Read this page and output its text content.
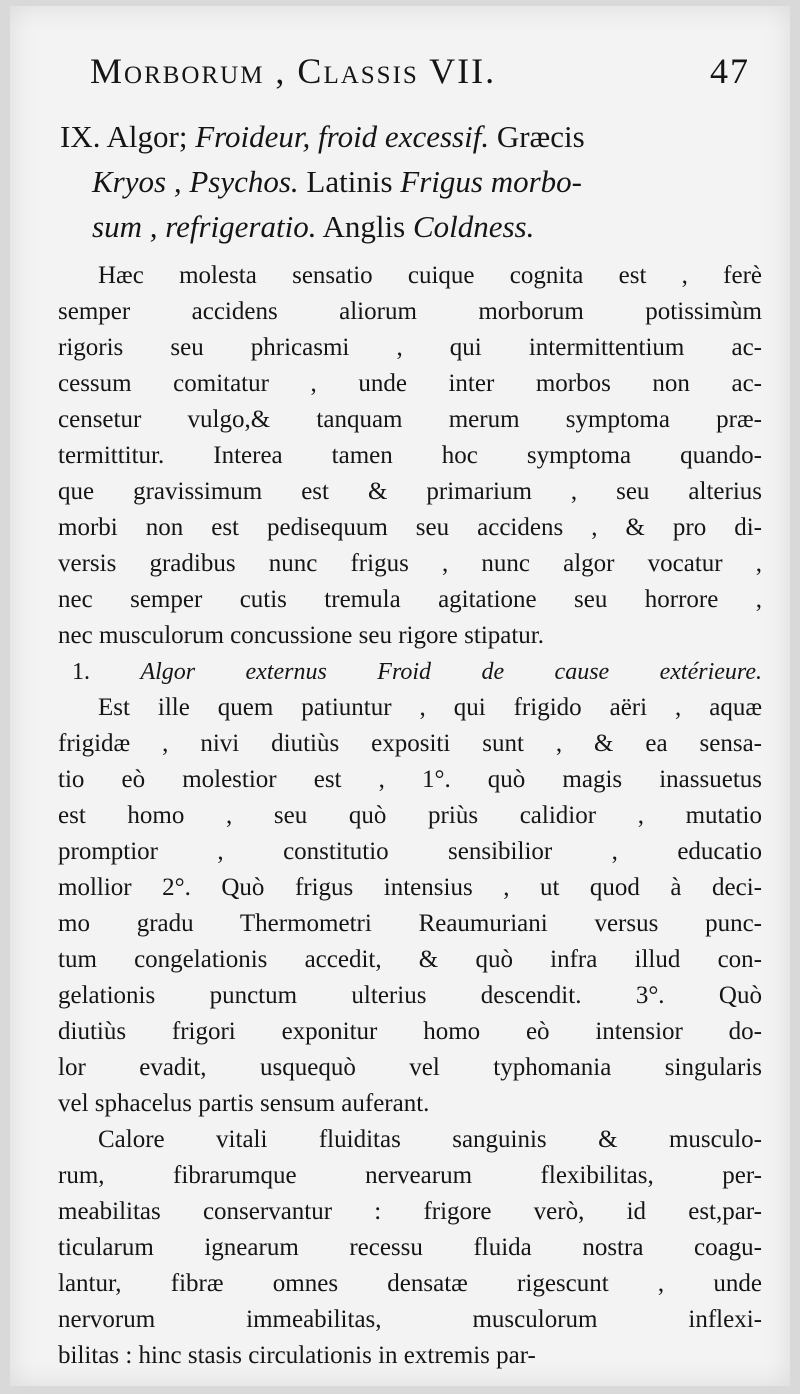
Morborum , Classis VII.	47
IX. Algor; Froideur, froid excessif. Græcis
Kryos , Psychos. Latinis Frigus morbo-
sum , refrigeratio. Anglis Coldness.
Hæc molesta sensatio cuique cognita est , ferè
semper accidens aliorum morborum potissimùm
rigoris seu phricasmi , qui intermittentium ac-
cessum comitatur , unde inter morbos non ac-
censetur vulgo,& tanquam merum symptoma præ-
termittitur. Interea tamen hoc symptoma quando-
que gravissimum est & primarium , seu alterius
morbi non est pedisequum seu accidens , & pro di-
versis gradibus nunc frigus , nunc algor vocatur ,
nec semper cutis tremula agitatione seu horrore ,
nec musculorum concussione seu rigore stipatur.
1. Algor externus Froid de cause extérieure.
Est ille quem patiuntur , qui frigido aëri , aquæ
frigidæ , nivi diutiùs expositi sunt , & ea sensa-
tio eò molestior est , 1°. quò magis inassuetus
est homo , seu quò priùs calidior , mutatio
promptior , constitutio sensibilior , educatio
mollior 2°. Quò frigus intensius , ut quod à deci-
mo gradu Thermometri Reaumuriani versus punc-
tum congelationis accedit, & quò infra illud con-
gelationis punctum ulterius descendit. 3°. Quò
diutiùs frigori exponitur homo eò intensior do-
lor evadit, usquequò vel typhomania singularis
vel sphacelus partis sensum auferant.
Calore vitali fluiditas sanguinis & musculo-
rum, fibrarumque nervearum flexibilitas, per-
meabilitas conservantur : frigore verò, id est,par-
ticularum ignearum recessu fluida nostra coagu-
lantur, fibræ omnes densatæ rigescunt , unde
nervorum immeabilitas, musculorum inflexi-
bilitas : hinc stasis circulationis in extremis par-
